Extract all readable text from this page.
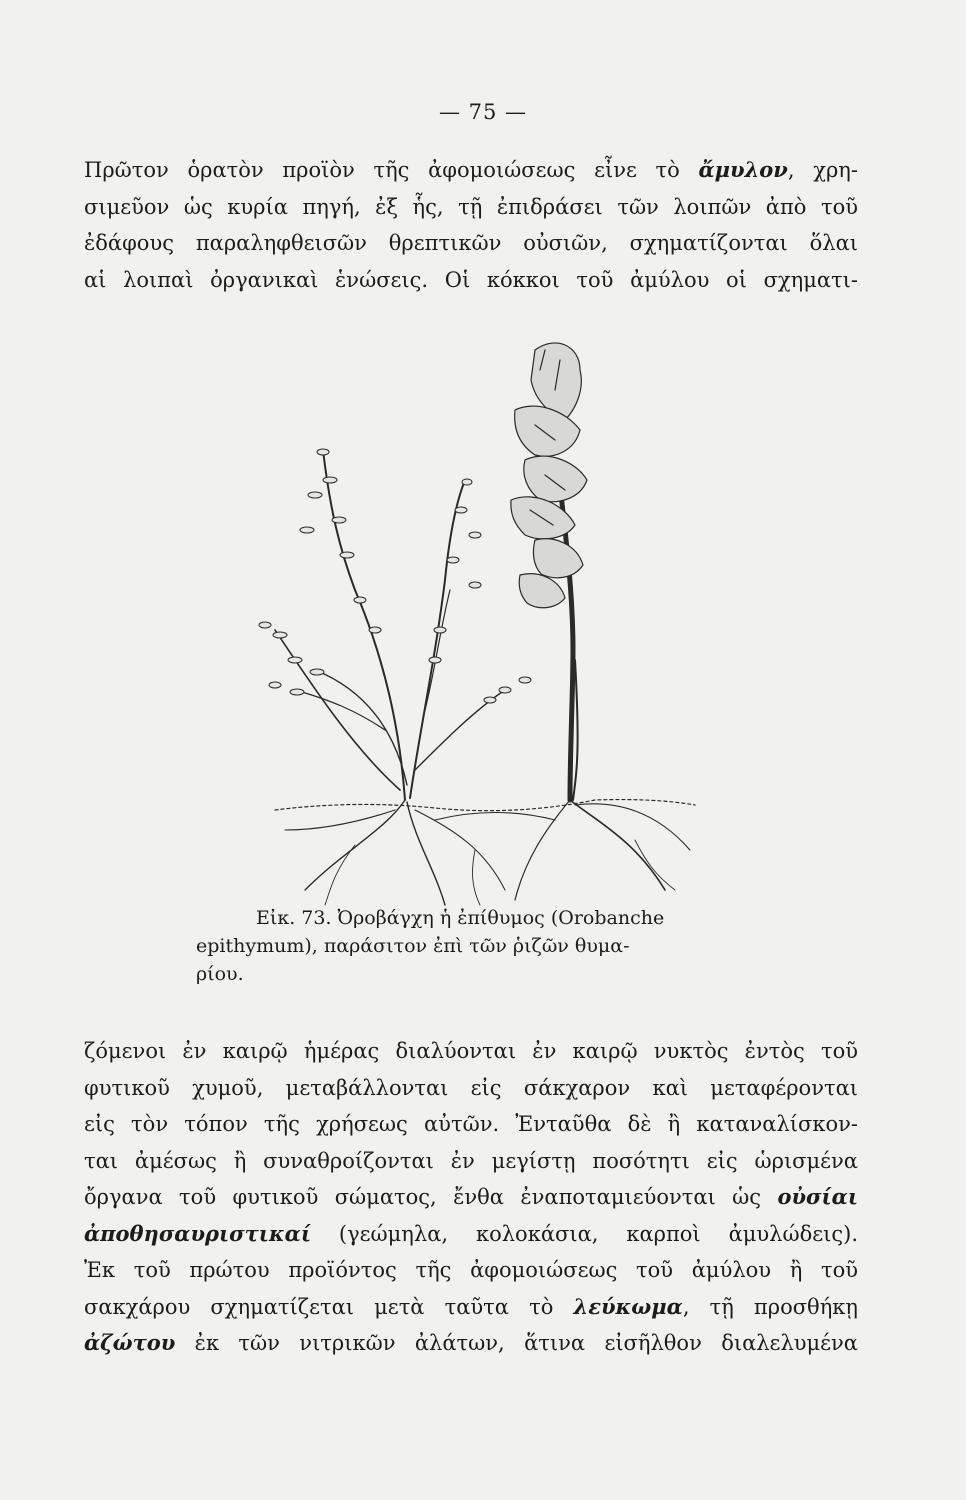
— 75 —
Πρῶτον ὁρατὸν προϊὸν τῆς ἀφομοιώσεως εἶνε τὸ ἄμυλον, χρη-
σιμεῦον ὡς κυρία πηγή, ἐξ ἧς, τῇ ἐπιδράσει τῶν λοιπῶν ἀπὸ τοῦ
ἐδάφους παραληφθεισῶν θρεπτικῶν οὐσιῶν, σχηματίζονται ὅλαι
αἱ λοιπαὶ ὀργανικαὶ ἑνώσεις. Οἱ κόκκοι τοῦ ἀμύλου οἱ σχηματι-
Εἰκ. 73. Ὀροβάγχη ἡ ἐπίθυμος (Orobanche
epithymum), παράσιτον ἐπὶ τῶν ῥιζῶν θυμα-
ρίου.
ζόμενοι ἐν καιρῷ ἡμέρας διαλύονται ἐν καιρῷ νυκτὸς ἐντὸς τοῦ
φυτικοῦ χυμοῦ, μεταβάλλονται εἰς σάκχαρον καὶ μεταφέρονται
εἰς τὸν τόπον τῆς χρήσεως αὐτῶν. Ἐνταῦθα δὲ ἢ καταναλίσκον-
ται ἀμέσως ἢ συναθροίζονται ἐν μεγίστῃ ποσότητι εἰς ὡρισμένα
ὄργανα τοῦ φυτικοῦ σώματος, ἔνθα ἐναποταμιεύονται ὡς οὐσίαι
ἀποθησαυριστικαί (γεώμηλα, κολοκάσια, καρποὶ ἀμυλώδεις).
Ἐκ τοῦ πρώτου προϊόντος τῆς ἀφομοιώσεως τοῦ ἀμύλου ἢ τοῦ
σακχάρου σχηματίζεται μετὰ ταῦτα τὸ λεύκωμα, τῇ προσθήκῃ
ἀζώτου ἐκ τῶν νιτρικῶν ἀλάτων, ἅτινα εἰσῆλθον διαλελυμένα
